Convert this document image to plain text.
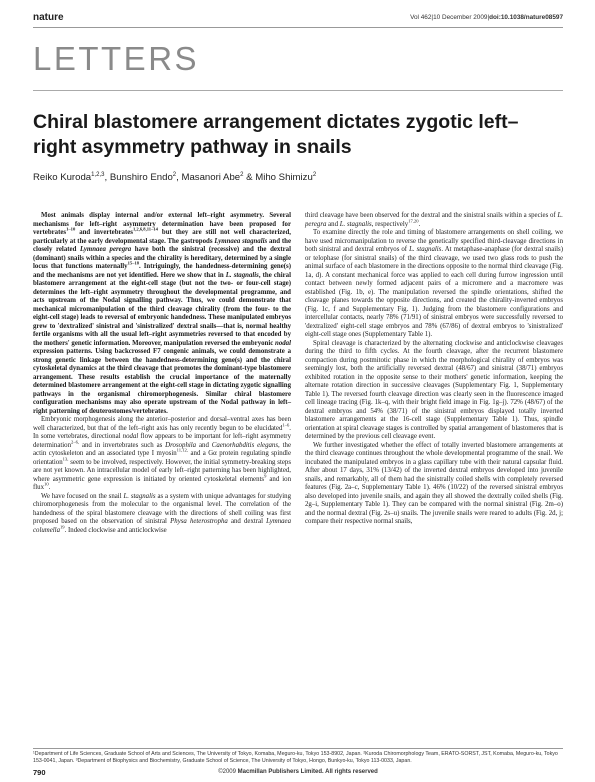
nature	Vol 462|10 December 2009|doi:10.1038/nature08597
LETTERS
Chiral blastomere arrangement dictates zygotic left–right asymmetry pathway in snails
Reiko Kuroda$^{1,2,3}$, Bunshiro Endo$^2$, Masanori Abe$^2$ & Miho Shimizu$^2$

Most animals display internal and/or external left–right asymmetry. Several mechanisms for left–right asymmetry determination have been proposed for vertebrates$^{1-10}$ and invertebrates$^{1,2,6,8,11-14}$ but they are still not well characterized, particularly at the early developmental stage. The gastropods Lymnaea stagnalis and the closely related Lymnaea peregra have both the sinistral (recessive) and the dextral (dominant) snails within a species and the chirality is hereditary, determined by a single locus that functions maternally$^{15-18}$. Intriguingly, the handedness-determining gene(s) and the mechanisms are not yet identified. Here we show that in L. stagnalis, the chiral blastomere arrangement at the eight-cell stage (but not the two- or four-cell stage) determines the left–right asymmetry throughout the developmental programme, and acts upstream of the Nodal signalling pathway. Thus, we could demonstrate that mechanical micromanipulation of the third cleavage chirality (from the four- to the eight-cell stage) leads to reversal of embryonic handedness. These manipulated embryos grew to 'dextralized' sinistral and 'sinistralized' dextral snails—that is, normal healthy fertile organisms with all the usual left–right asymmetries reversed to that encoded by the mothers' genetic information. Moreover, manipulation reversed the embryonic nodal expression patterns. Using backcrossed F7 congenic animals, we could demonstrate a strong genetic linkage between the handedness-determining gene(s) and the chiral cytoskeletal dynamics at the third cleavage that promotes the dominant-type blastomere arrangement. These results establish the crucial importance of the maternally determined blastomere arrangement at the eight-cell stage in dictating zygotic signalling pathways in the organismal chiromorphogenesis. Similar chiral blastomere configuration mechanisms may also operate upstream of the Nodal pathway in left–right patterning of deuterostomes/vertebrates.

Embryonic morphogenesis along the anterior–posterior and dorsal–ventral axes has been well characterized, but that of the left–right axis has only recently begun to be elucidated$^{1-6}$. In some vertebrates, directional nodal flow appears to be important for left–right asymmetry determination$^{2-6,}$ and in invertebrates such as Drosophila and Caenorhabditis elegans, the actin cytoskeleton and an associated type I myosin$^{11,12,}$ and a Gα protein regulating spindle orientation$^{13,}$ seem to be involved, respectively. However, the initial symmetry-breaking steps are not yet known. An intracellular model of early left–right patterning has been highlighted, where asymmetric gene expression is initiated by oriented cytoskeletal elements$^9$ and ion flux$^{10}$.

We have focused on the snail L. stagnalis as a system with unique advantages for studying chiromorphogenesis from the molecular to the organismal level. The correlation of the handedness of the spiral blastomere cleavage with the directions of shell coiling was first proposed based on the observation of sinistral Physa heterostropha and dextral Lymnaea columella$^{19}$. Indeed clockwise and anticlockwise

third cleavage have been observed for the dextral and the sinistral snails within a species of L. peregra and L. stagnalis, respectively$^{17,20}$.

To examine directly the role and timing of blastomere arrangements on shell coiling, we have used micromanipulation to reverse the genetically specified third-cleavage directions in both sinistral and dextral embryos of L. stagnalis. At metaphase-anaphase (for dextral snails) or telophase (for sinistral snails) of the third cleavage, we used two glass rods to push the animal surface of each blastomere in the directions opposite to the normal third cleavage (Fig. 1a, d). A constant mechanical force was applied to each cell during furrow ingression until contact between newly formed adjacent pairs of a micromere and a macromere was established (Fig. 1b, e). The manipulation reversed the spindle orientations, shifted the cleavage planes towards the opposite directions, and created the chirality-inverted embryos (Fig. 1c, f and Supplementary Fig. 1). Judging from the blastomere configurations and intercellular contacts, nearly 78% (71/91) of sinistral embryos were successfully reversed to 'dextralized' eight-cell stage embryos and 78% (67/86) of dextral embryos to 'sinistralized' eight-cell stage ones (Supplementary Table 1).

Spiral cleavage is characterized by the alternating clockwise and anticlockwise cleavages during the third to fifth cycles. At the fourth cleavage, after the recurrent blastomere compaction during postmitotic phase in which the morphological chirality of embryos was seemingly lost, both the artificially reversed dextral (48/67) and sinistral (38/71) embryos exhibited rotation in the opposite sense to their mothers' genetic information, keeping the alternate rotation direction in successive cleavages (Supplementary Fig. 1, Supplementary Table 1). The reversed fourth cleavage direction was clearly seen in the fluorescence imaged cell lineage tracing (Fig. 1k–q, with their bright field image in Fig. 1g–j). 72% (48/67) of the dextral embryos and 54% (38/71) of the sinistral embryos displayed totally inverted blastomere arrangements at the 16-cell stage (Supplementary Table 1). Thus, spindle orientation at spiral cleavage stages is controlled by spatial arrangement of blastomeres that is determined by the previous cell cleavage event.

We further investigated whether the effect of totally inverted blastomere arrangements at the third cleavage continues throughout the whole developmental programme of the snail. We incubated the manipulated embryos in a glass capillary tube with their natural capsular fluid. After about 17 days, 31% (13/42) of the inverted dextral embryos developed into juvenile snails, and remarkably, all of them had the sinistrally coiled shells with completely reversed features (Fig. 2a–c, Supplementary Table 1). 46% (10/22) of the reversed sinistral embryos also developed into juvenile snails, and again they all showed the dextrally coiled shells (Fig. 2g–i, Supplementary Table 1). They can be compared with the normal sinistral (Fig. 2m–o) and the normal dextral (Fig. 2s–u) snails. The juvenile snails were reared to adults (Fig. 2d, j; compare their respective normal snails,

¹Department of Life Sciences, Graduate School of Arts and Sciences, The University of Tokyo, Komaba, Meguro-ku, Tokyo 153-8902, Japan. ²Kuroda Chiromorphology Team, ERATO-SORST, JST, Komaba, Meguro-ku, Tokyo 153-0041, Japan. ³Department of Biophysics and Biochemistry, Graduate School of Science, The University of Tokyo, Hongo, Bunkyo-ku, Tokyo 113-0033, Japan.
790	©2009 Macmillan Publishers Limited. All rights reserved
